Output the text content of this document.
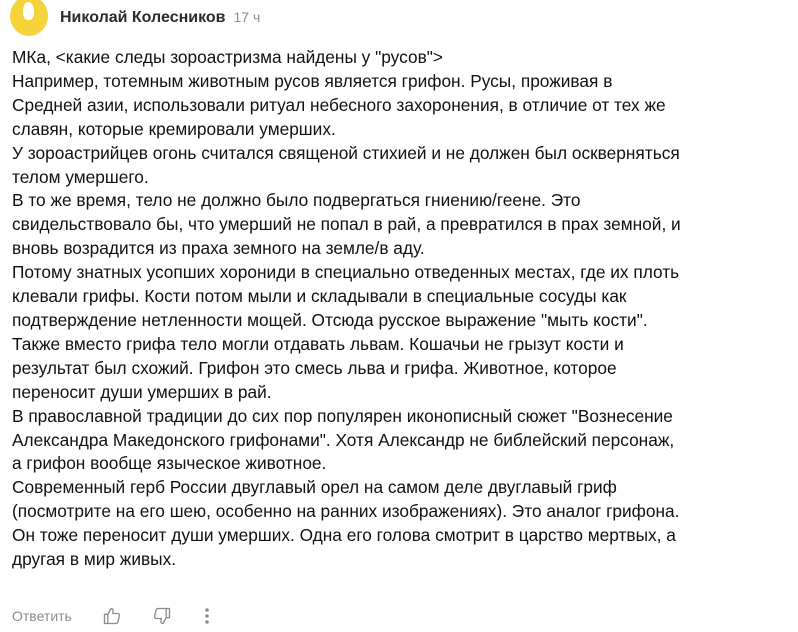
Николай Колесников 17 ч
МКа, <какие следы зороастризма найдены у "русов">
Например, тотемным животным русов является грифон. Русы, проживая в
Средней азии, использовали ритуал небесного захоронения, в отличие от тех же
славян, которые кремировали умерших.
У зороастрийцев огонь считался священой стихией и не должен был оскверняться
телом умершего.
В то же время, тело не должно было подвергаться гниению/геене. Это
свидельствовало бы, что умерший не попал в рай, а превратился в прах земной, и
вновь возрадится из праха земного на земле/в аду.
Потому знатных усопших хорониди в специально отведенных местах, где их плоть
клевали грифы. Кости потом мыли и складывали в специальные сосуды как
подтверждение нетленности мощей. Отсюда русское выражение "мыть кости".
Также вместо грифа тело могли отдавать львам. Кошачьи не грызут кости и
результат был схожий. Грифон это смесь льва и грифа. Животное, которое
переносит души умерших в рай.
В православной традиции до сих пор популярен иконописный сюжет "Вознесение
Александра Македонского грифонами". Хотя Александр не библейский персонаж,
а грифон вообще языческое животное.
Современный герб России двуглавый орел на самом деле двуглавый гриф
(посмотрите на его шею, особенно на ранних изображениях). Это аналог грифона.
Он тоже переносит души умерших. Одна его голова смотрит в царство мертвых, а
другая в мир живых.
Ответить
